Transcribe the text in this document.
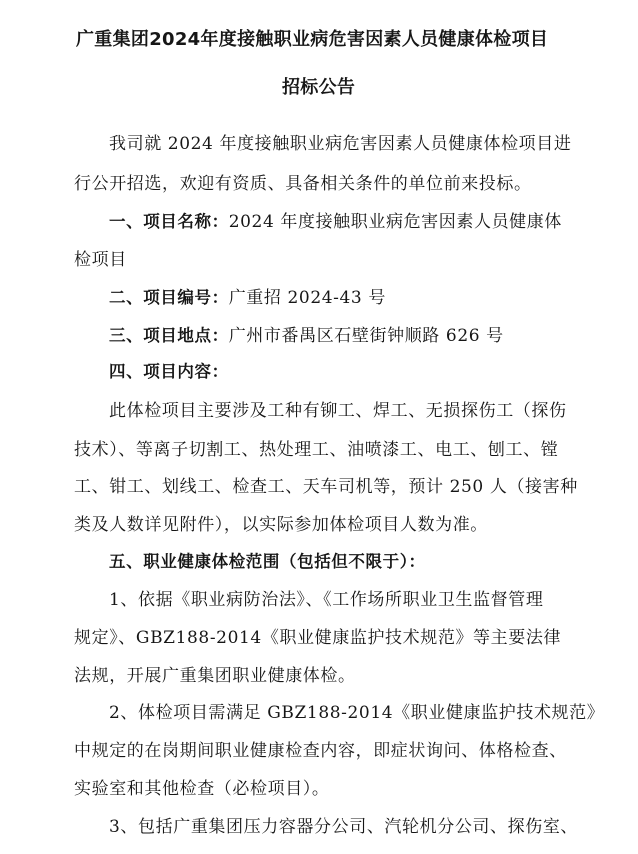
广重集团2024年度接触职业病危害因素人员健康体检项目
招标公告
我司就 2024 年度接触职业病危害因素人员健康体检项目进
行公开招选，欢迎有资质、具备相关条件的单位前来投标。
一、项目名称：2024 年度接触职业病危害因素人员健康体
检项目
二、项目编号：广重招 2024-43 号
三、项目地点：广州市番禺区石壁街钟顺路 626 号
四、项目内容：
此体检项目主要涉及工种有铆工、焊工、无损探伤工（探伤
技术）、等离子切割工、热处理工、油喷漆工、电工、刨工、镗
工、钳工、划线工、检查工、天车司机等，预计 250 人（接害种
类及人数详见附件），以实际参加体检项目人数为准。
五、职业健康体检范围（包括但不限于）：
1、依据《职业病防治法》、《工作场所职业卫生监督管理
规定》、GBZ188-2014《职业健康监护技术规范》等主要法律
法规，开展广重集团职业健康体检。
2、体检项目需满足 GBZ188-2014《职业健康监护技术规范》
中规定的在岗期间职业健康检查内容，即症状询问、体格检查、
实验室和其他检查（必检项目）。
3、包括广重集团压力容器分公司、汽轮机分公司、探伤室、
